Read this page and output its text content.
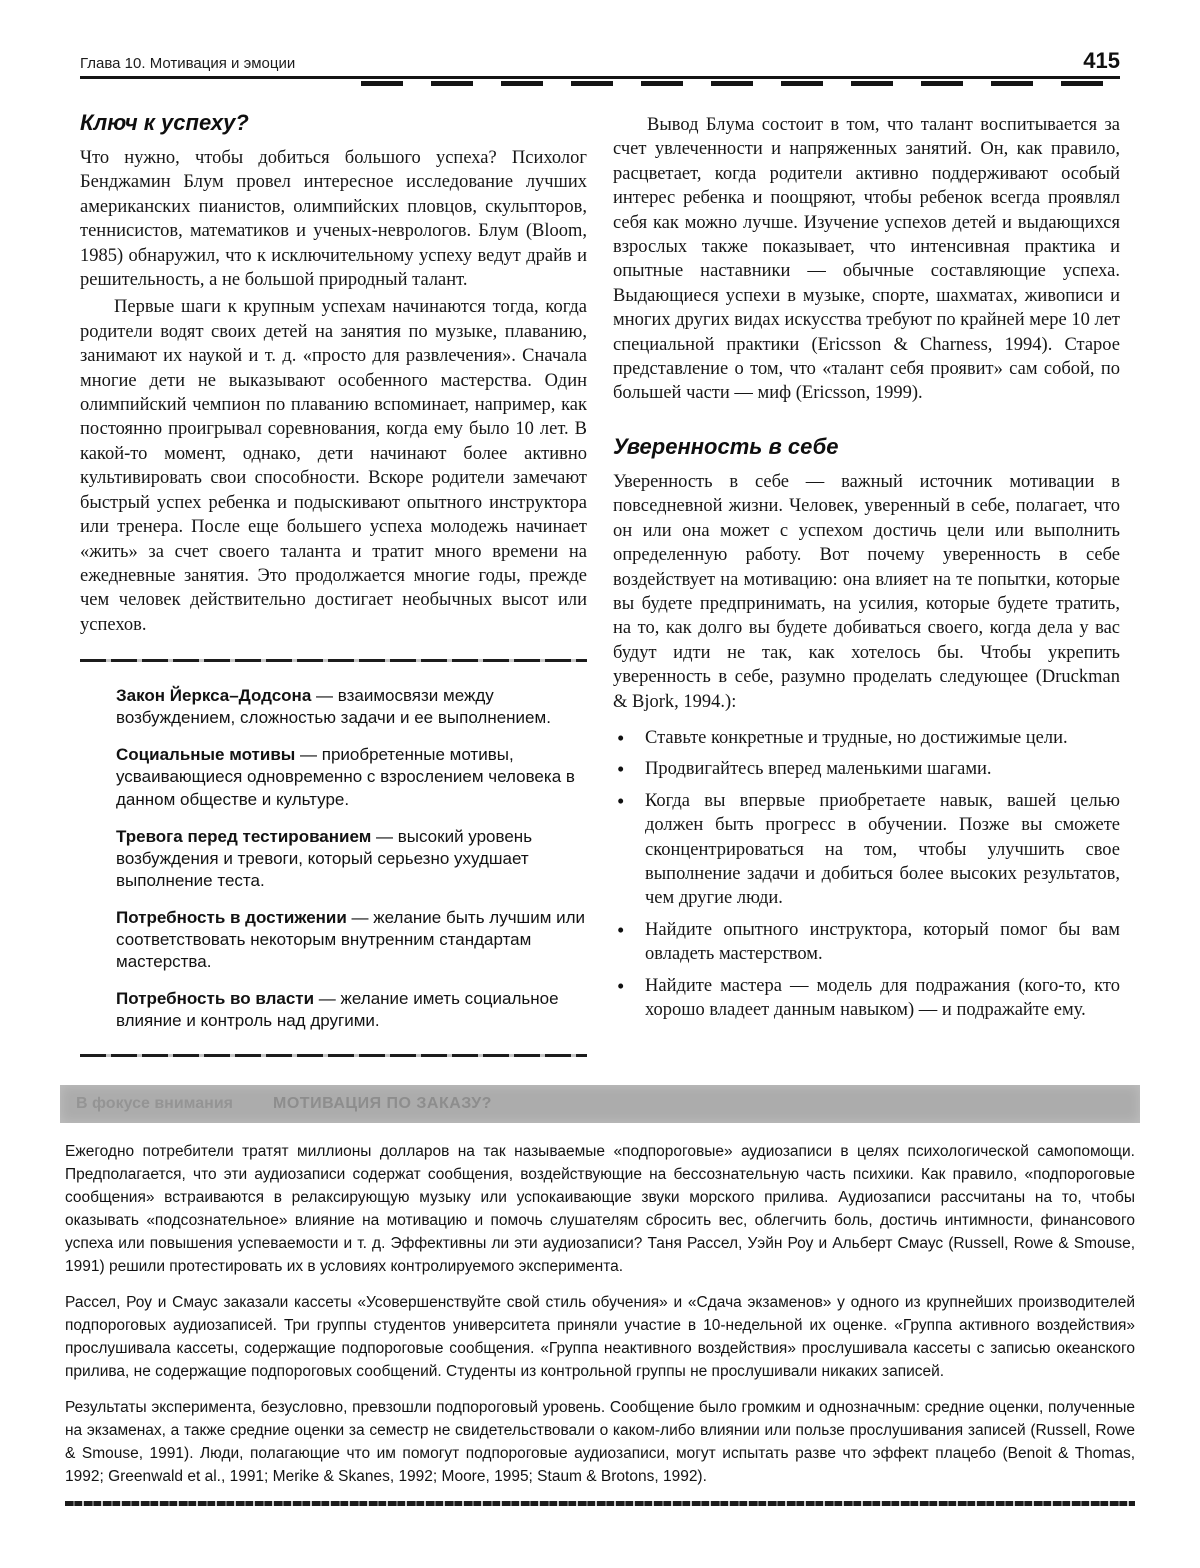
Глава 10. Мотивация и эмоции	415
Ключ к успеху?

Что нужно, чтобы добиться большого успеха? Психолог Бенджамин Блум провел интересное исследование лучших американских пианистов, олимпийских пловцов, скульпторов, теннисистов, математиков и ученых-неврологов. Блум (Bloom, 1985) обнаружил, что к исключительному успеху ведут драйв и решительность, а не большой природный талант.

Первые шаги к крупным успехам начинаются тогда, когда родители водят своих детей на занятия по музыке, плаванию, занимают их наукой и т. д. «просто для развлечения». Сначала многие дети не выказывают особенного мастерства. Один олимпийский чемпион по плаванию вспоминает, например, как постоянно проигрывал соревнования, когда ему было 10 лет. В какой-то момент, однако, дети начинают более активно культивировать свои способности. Вскоре родители замечают быстрый успех ребенка и подыскивают опытного инструктора или тренера. После еще большего успеха молодежь начинает «жить» за счет своего таланта и тратит много времени на ежедневные занятия. Это продолжается многие годы, прежде чем человек действительно достигает необычных высот или успехов.

Закон Йеркса–Додсона — взаимосвязи между возбуждением, сложностью задачи и ее выполнением.

Социальные мотивы — приобретенные мотивы, усваивающиеся одновременно с взрослением человека в данном обществе и культуре.

Тревога перед тестированием — высокий уровень возбуждения и тревоги, который серьезно ухудшает выполнение теста.

Потребность в достижении — желание быть лучшим или соответствовать некоторым внутренним стандартам мастерства.

Потребность во власти — желание иметь социальное влияние и контроль над другими.

Вывод Блума состоит в том, что талант воспитывается за счет увлеченности и напряженных занятий. Он, как правило, расцветает, когда родители активно поддерживают особый интерес ребенка и поощряют, чтобы ребенок всегда проявлял себя как можно лучше. Изучение успехов детей и выдающихся взрослых также показывает, что интенсивная практика и опытные наставники — обычные составляющие успеха. Выдающиеся успехи в музыке, спорте, шахматах, живописи и многих других видах искусства требуют по крайней мере 10 лет специальной практики (Ericsson & Charness, 1994). Старое представление о том, что «талант себя проявит» сам собой, по большей части — миф (Ericsson, 1999).

Уверенность в себе

Уверенность в себе — важный источник мотивации в повседневной жизни. Человек, уверенный в себе, полагает, что он или она может с успехом достичь цели или выполнить определенную работу. Вот почему уверенность в себе воздействует на мотивацию: она влияет на те попытки, которые вы будете предпринимать, на усилия, которые будете тратить, на то, как долго вы будете добиваться своего, когда дела у вас будут идти не так, как хотелось бы. Чтобы укрепить уверенность в себе, разумно проделать следующее (Druckman & Bjork, 1994.):

• Ставьте конкретные и трудные, но достижимые цели.
• Продвигайтесь вперед маленькими шагами.
• Когда вы впервые приобретаете навык, вашей целью должен быть прогресс в обучении. Позже вы сможете сконцентрироваться на том, чтобы улучшить свое выполнение задачи и добиться более высоких результатов, чем другие люди.
• Найдите опытного инструктора, который помог бы вам овладеть мастерством.
• Найдите мастера — модель для подражания (кого-то, кто хорошо владеет данным навыком) — и подражайте ему.
В фокусе внимания	МОТИВАЦИЯ ПО ЗАКАЗУ?

Ежегодно потребители тратят миллионы долларов на так называемые «подпороговые» аудиозаписи в целях психологической самопомощи. Предполагается, что эти аудиозаписи содержат сообщения, воздействующие на бессознательную часть психики. Как правило, «подпороговые сообщения» встраиваются в релаксирующую музыку или успокаивающие звуки морского прилива. Аудиозаписи рассчитаны на то, чтобы оказывать «подсознательное» влияние на мотивацию и помочь слушателям сбросить вес, облегчить боль, достичь интимности, финансового успеха или повышения успеваемости и т. д. Эффективны ли эти аудиозаписи? Таня Рассел, Уэйн Роу и Альберт Смаус (Russell, Rowe & Smouse, 1991) решили протестировать их в условиях контролируемого эксперимента.

Рассел, Роу и Смаус заказали кассеты «Усовершенствуйте свой стиль обучения» и «Сдача экзаменов» у одного из крупнейших производителей подпороговых аудиозаписей. Три группы студентов университета приняли участие в 10-недельной их оценке. «Группа активного воздействия» прослушивала кассеты, содержащие подпороговые сообщения. «Группа неактивного воздействия» прослушивала кассеты с записью океанского прилива, не содержащие подпороговых сообщений. Студенты из контрольной группы не прослушивали никаких записей.

Результаты эксперимента, безусловно, превзошли подпороговый уровень. Сообщение было громким и однозначным: средние оценки, полученные на экзаменах, а также средние оценки за семестр не свидетельствовали о каком-либо влиянии или пользе прослушивания записей (Russell, Rowe & Smouse, 1991). Люди, полагающие что им помогут подпороговые аудиозаписи, могут испытать разве что эффект плацебо (Benoit & Thomas, 1992; Greenwald et al., 1991; Merike & Skanes, 1992; Moore, 1995; Staum & Brotons, 1992).
